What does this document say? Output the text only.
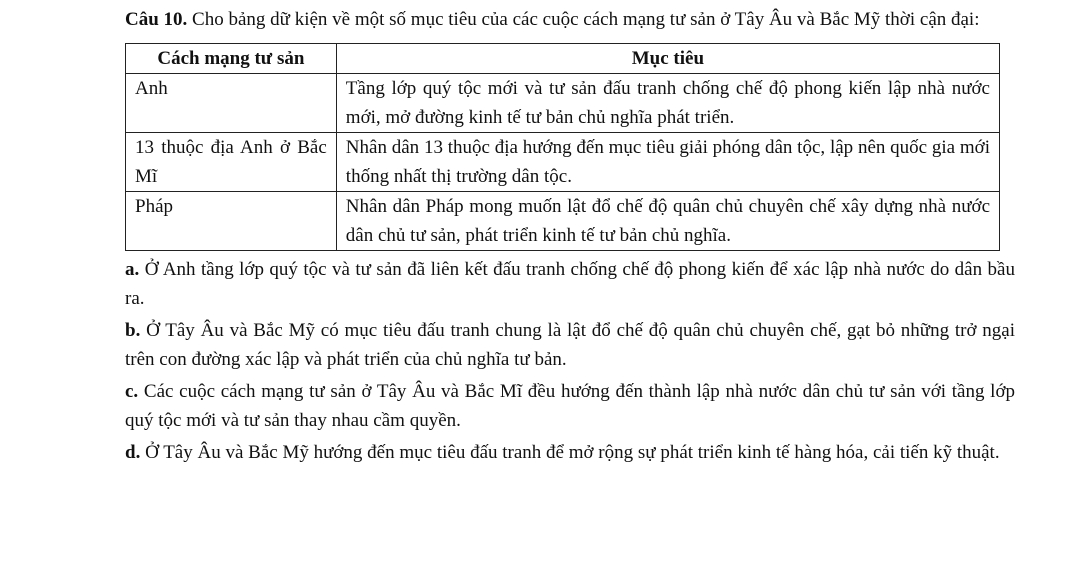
Câu 10. Cho bảng dữ kiện về một số mục tiêu của các cuộc cách mạng tư sản ở Tây Âu và Bắc Mỹ thời cận đại:

Cách mạng tư sản	Mục tiêu
Anh	Tầng lớp quý tộc mới và tư sản đấu tranh chống chế độ phong kiến lập nhà nước mới, mở đường kinh tế tư bản chủ nghĩa phát triển.
13 thuộc địa Anh ở Bắc Mĩ	Nhân dân 13 thuộc địa hướng đến mục tiêu giải phóng dân tộc, lập nên quốc gia mới thống nhất thị trường dân tộc.
Pháp	Nhân dân Pháp mong muốn lật đổ chế độ quân chủ chuyên chế xây dựng nhà nước dân chủ tư sản, phát triển kinh tế tư bản chủ nghĩa.

a. Ở Anh tầng lớp quý tộc và tư sản đã liên kết đấu tranh chống chế độ phong kiến để xác lập nhà nước do dân bầu ra.

b. Ở Tây Âu và Bắc Mỹ có mục tiêu đấu tranh chung là lật đổ chế độ quân chủ chuyên chế, gạt bỏ những trở ngại trên con đường xác lập và phát triển của chủ nghĩa tư bản.

c. Các cuộc cách mạng tư sản ở Tây Âu và Bắc Mĩ đều hướng đến thành lập nhà nước dân chủ tư sản với tầng lớp quý tộc mới và tư sản thay nhau cầm quyền.

d. Ở Tây Âu và Bắc Mỹ hướng đến mục tiêu đấu tranh để mở rộng sự phát triển kinh tế hàng hóa, cải tiến kỹ thuật.
